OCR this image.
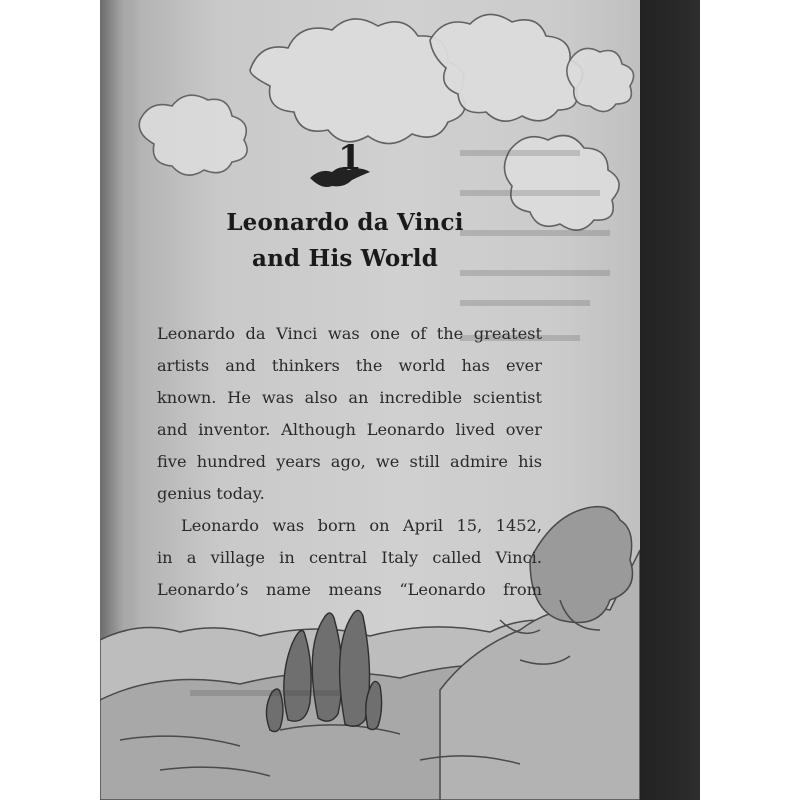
1
Leonardo da Vinci
and His World
Leonardo da Vinci was one of the greatest
artists and thinkers the world has ever
known. He was also an incredible scientist
and inventor. Although Leonardo lived over
five hundred years ago, we still admire his
genius today.
Leonardo was born on April 15, 1452,
in a village in central Italy called Vinci.
Leonardo’s name means “Leonardo from
